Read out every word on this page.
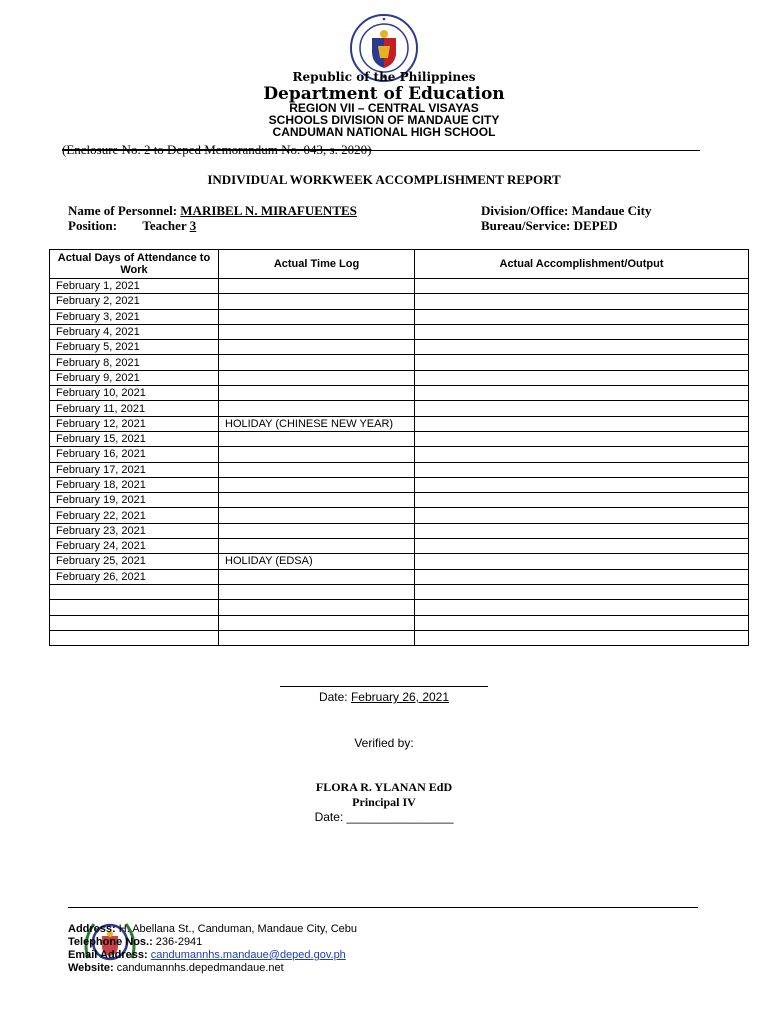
Republic of the Philippines
Department of Education
REGION VII – CENTRAL VISAYAS
SCHOOLS DIVISION OF MANDAUE CITY
CANDUMAN NATIONAL HIGH SCHOOL
(Enclosure No. 2 to Deped Memorandum No. 043, s. 2020)
INDIVIDUAL WORKWEEK ACCOMPLISHMENT REPORT
Name of Personnel: MARIBEL N. MIRAFUENTES
Position: Teacher 3
Division/Office: Mandaue City
Bureau/Service: DEPED
Actual Days of Attendance to Work	Actual Time Log	Actual Accomplishment/Output
February 1, 2021		
February 2, 2021		
February 3, 2021		
February 4, 2021		
February 5, 2021		
February 8, 2021		
February 9, 2021		
February 10, 2021		
February 11, 2021		
February 12, 2021	HOLIDAY (CHINESE NEW YEAR)	
February 15, 2021		
February 16, 2021		
February 17, 2021		
February 18, 2021		
February 19, 2021		
February 22, 2021		
February 23, 2021		
February 24, 2021		
February 25, 2021	HOLIDAY (EDSA)	
February 26, 2021		

Date: February 26, 2021
Verified by:
FLORA R. YLANAN EdD
Principal IV
Date: ________________
Address: H. Abellana St., Canduman, Mandaue City, Cebu
Telephone Nos.: 236-2941
Email Address: candumannhs.mandaue@deped.gov.ph
Website: candumannhs.depedmandaue.net
